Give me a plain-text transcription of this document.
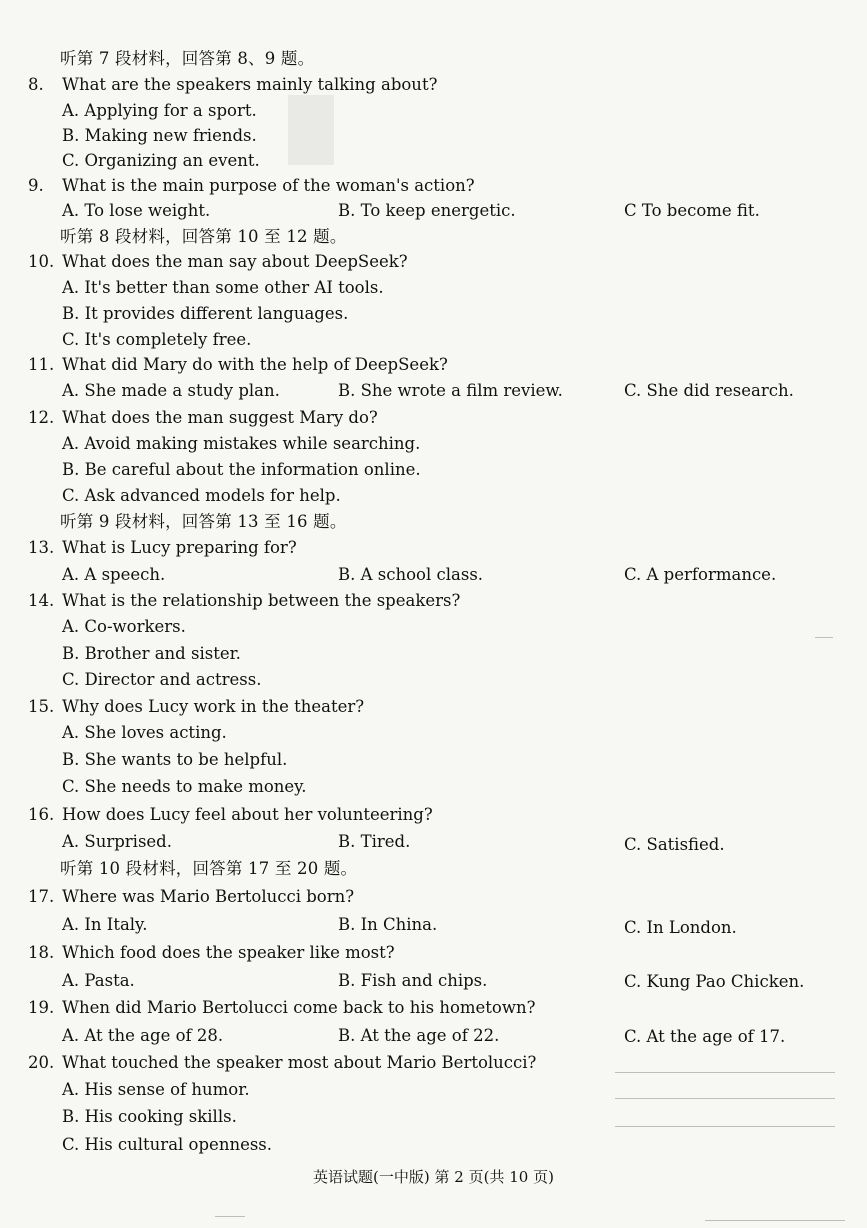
听第 7 段材料，回答第 8、9 题。
8. What are the speakers mainly talking about?
A. Applying for a sport.
B. Making new friends.
C. Organizing an event.
9. What is the main purpose of the woman's action?
A. To lose weight.	B. To keep energetic.	C To become fit.
听第 8 段材料，回答第 10 至 12 题。
10. What does the man say about DeepSeek?
A. It's better than some other AI tools.
B. It provides different languages.
C. It's completely free.
11. What did Mary do with the help of DeepSeek?
A. She made a study plan.	B. She wrote a film review.	C. She did research.
12. What does the man suggest Mary do?
A. Avoid making mistakes while searching.
B. Be careful about the information online.
C. Ask advanced models for help.
听第 9 段材料，回答第 13 至 16 题。
13. What is Lucy preparing for?
A. A speech.	B. A school class.	C. A performance.
14. What is the relationship between the speakers?
A. Co-workers.
B. Brother and sister.
C. Director and actress.
15. Why does Lucy work in the theater?
A. She loves acting.
B. She wants to be helpful.
C. She needs to make money.
16. How does Lucy feel about her volunteering?
A. Surprised.	B. Tired.	C. Satisfied.
听第 10 段材料，回答第 17 至 20 题。
17. Where was Mario Bertolucci born?
A. In Italy.	B. In China.	C. In London.
18. Which food does the speaker like most?
A. Pasta.	B. Fish and chips.	C. Kung Pao Chicken.
19. When did Mario Bertolucci come back to his hometown?
A. At the age of 28.	B. At the age of 22.	C. At the age of 17.
20. What touched the speaker most about Mario Bertolucci?
A. His sense of humor.
B. His cooking skills.
C. His cultural openness.
英语试题(一中版) 第 2 页(共 10 页)
